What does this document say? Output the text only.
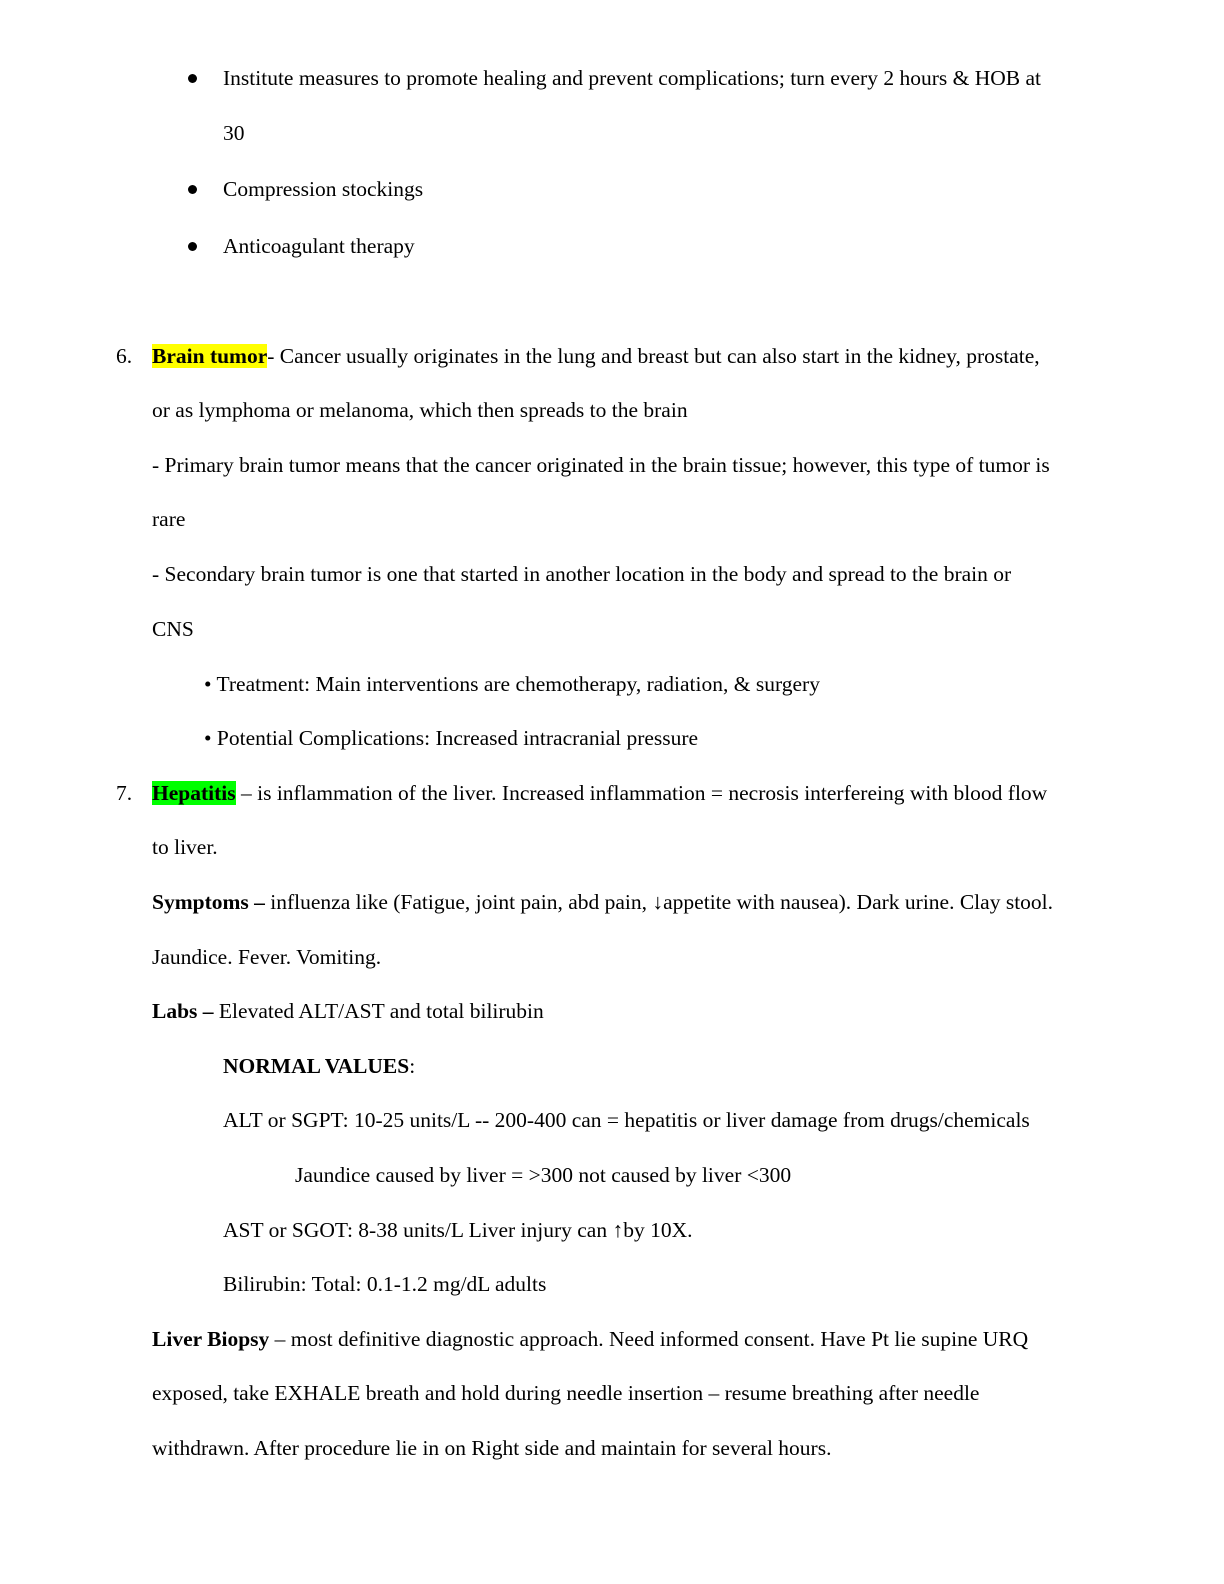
Institute measures to promote healing and prevent complications; turn every 2 hours & HOB at
30
Compression stockings
Anticoagulant therapy
6. Brain tumor- Cancer usually originates in the lung and breast but can also start in the kidney, prostate,
or as lymphoma or melanoma, which then spreads to the brain
- Primary brain tumor means that the cancer originated in the brain tissue; however, this type of tumor is
rare
- Secondary brain tumor is one that started in another location in the body and spread to the brain or
CNS
• Treatment: Main interventions are chemotherapy, radiation, & surgery
• Potential Complications: Increased intracranial pressure
7. Hepatitis – is inflammation of the liver. Increased inflammation = necrosis interfereing with blood flow
to liver.
Symptoms – influenza like (Fatigue, joint pain, abd pain, ↓appetite with nausea). Dark urine. Clay stool.
Jaundice. Fever. Vomiting.
Labs – Elevated ALT/AST and total bilirubin
NORMAL VALUES:
ALT or SGPT: 10-25 units/L -- 200-400 can = hepatitis or liver damage from drugs/chemicals
Jaundice caused by liver = >300 not caused by liver <300
AST or SGOT: 8-38 units/L Liver injury can ↑by 10X.
Bilirubin: Total: 0.1-1.2 mg/dL adults
Liver Biopsy – most definitive diagnostic approach. Need informed consent. Have Pt lie supine URQ
exposed, take EXHALE breath and hold during needle insertion – resume breathing after needle
withdrawn. After procedure lie in on Right side and maintain for several hours.
